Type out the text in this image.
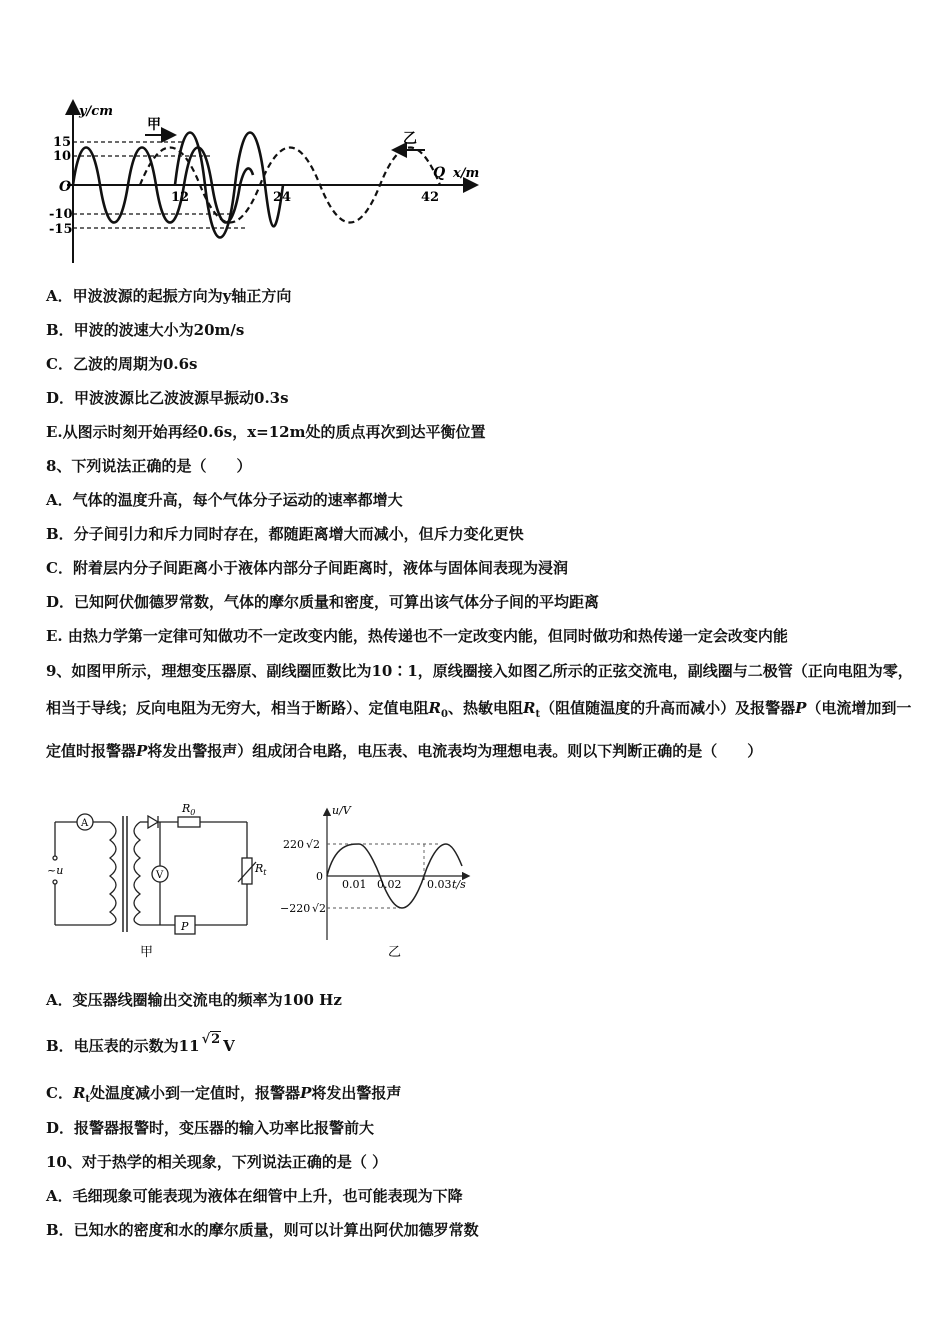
y/cm
15
10
O
-10
-15
12	24	42
x/m
甲
乙
Q
A．甲波波源的起振方向为y轴正方向
B．甲波的波速大小为20m/s
C．乙波的周期为0.6s
D．甲波波源比乙波波源早振动0.3s
E.从图示时刻开始再经0.6s，x=12m处的质点再次到达平衡位置
8、下列说法正确的是（　　）
A．气体的温度升高，每个气体分子运动的速率都增大
B．分子间引力和斥力同时存在，都随距离增大而减小，但斥力变化更快
C．附着层内分子间距离小于液体内部分子间距离时，液体与固体间表现为浸润
D．已知阿伏伽德罗常数，气体的摩尔质量和密度，可算出该气体分子间的平均距离
E. 由热力学第一定律可知做功不一定改变内能，热传递也不一定改变内能，但同时做功和热传递一定会改变内能
9、如图甲所示，理想变压器原、副线圈匝数比为10∶1，原线圈接入如图乙所示的正弦交流电，副线圈与二极管（正向电阻为零，相当于导线；反向电阻为无穷大，相当于断路）、定值电阻$R_0$、热敏电阻$R_t$（阻值随温度的升高而减小）及报警器P（电流增加到一定值时报警器P将发出警报声）组成闭合电路，电压表、电流表均为理想电表。则以下判断正确的是（　　）
A
V
~u
$R_0$
$R_t$
P
甲
u/V
220 √2
0
−220 √2
0.01 0.02 0.03 t/s
乙
A．变压器线圈输出交流电的频率为100 Hz
B．电压表的示数为11 √2 V
C．$R_t$处温度减小到一定值时，报警器P将发出警报声
D．报警器报警时，变压器的输入功率比报警前大
10、对于热学的相关现象，下列说法正确的是（ ）
A．毛细现象可能表现为液体在细管中上升，也可能表现为下降
B．已知水的密度和水的摩尔质量，则可以计算出阿伏加德罗常数
